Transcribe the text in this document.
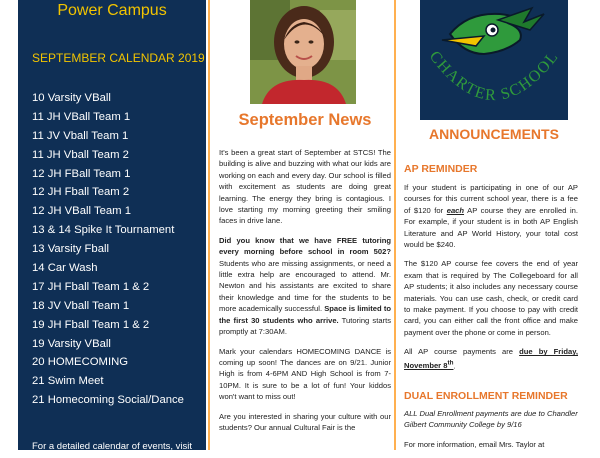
Power Campus
SEPTEMBER CALENDAR 2019
10 Varsity VBall
11 JH VBall Team 1
11 JV Vball Team 1
11 JH Vball Team 2
12 JH FBall Team 1
12 JH Fball Team 2
12 JH VBall Team 1
13 & 14 Spike It Tournament
13 Varsity Fball
14 Car Wash
17 JH Fball Team 1 & 2
18 JV Vball Team 1
19 JH Fball Team 1 & 2
19 Varsity VBall
20 HOMECOMING
21 Swim Meet
21 Homecoming Social/Dance
For a detailed calendar of events, visit
September News

It's been a great start of September at STCS! The building is alive and buzzing with what our kids are working on each and every day. Our school is filled with excitement as students are doing great learning. The energy they bring is contagious. I love starting my morning greeting their smiling faces in drive lane.

Did you know that we have FREE tutoring every morning before school in room 502? Students who are missing assignments, or need a little extra help are encouraged to attend. Mr. Newton and his assistants are excited to share their knowledge and time for the students to be more academically successful. Space is limited to the first 30 students who arrive. Tutoring starts promptly at 7:30AM.

Mark your calendars HOMECOMING DANCE is coming up soon! The dances are on 9/21. Junior High is from 4-6PM AND High School is from 7-10PM. It is sure to be a lot of fun! Your kiddos won't want to miss out!

Are you interested in sharing your culture with our students? Our annual Cultural Fair is the

CHARTER SCHOOL
ANNOUNCEMENTS
AP REMINDER

If your student is participating in one of our AP courses for this current school year, there is a fee of $120 for each AP course they are enrolled in. For example, if your student is in both AP English Literature and AP World History, your total cost would be $240.

The $120 AP course fee covers the end of year exam that is required by The Collegeboard for all AP students; it also includes any necessary course materials. You can use cash, check, or credit card to make payment. If you choose to pay with credit card, you can either call the front office and make payment over the phone or come in person.

All AP course payments are due by Friday, November 8th.

DUAL ENROLLMENT REMINDER

ALL Dual Enrollment payments are due to Chandler Gilbert Community College by 9/16

For more information, email Mrs. Taylor at
